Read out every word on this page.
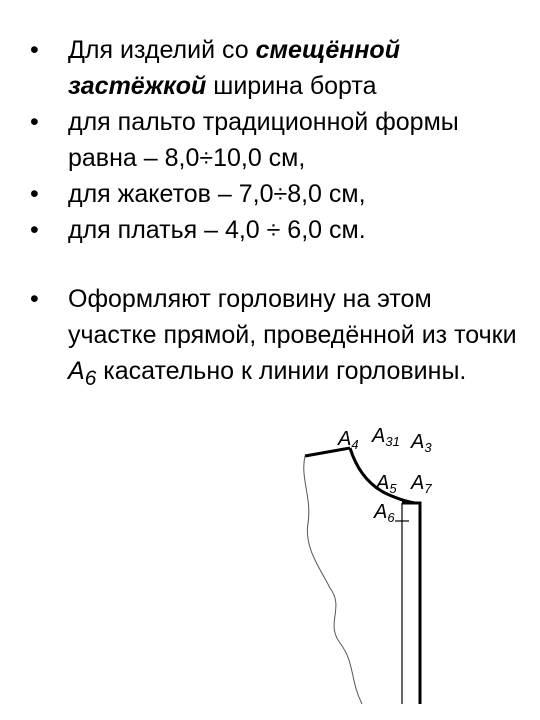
• Для изделий со смещённой застёжкой ширина борта
• для пальто традиционной формы равна – 8,0÷10,0 см,
• для жакетов – 7,0÷8,0 см,
• для платья – 4,0 ÷ 6,0 см.
• Оформляют горловину на этом участке прямой, проведённой из точки $А_6$ касательно к линии горловины.
$А_4$ $А_{31}$ $А_3$
$А_5$ $А_7$
$А_6$
